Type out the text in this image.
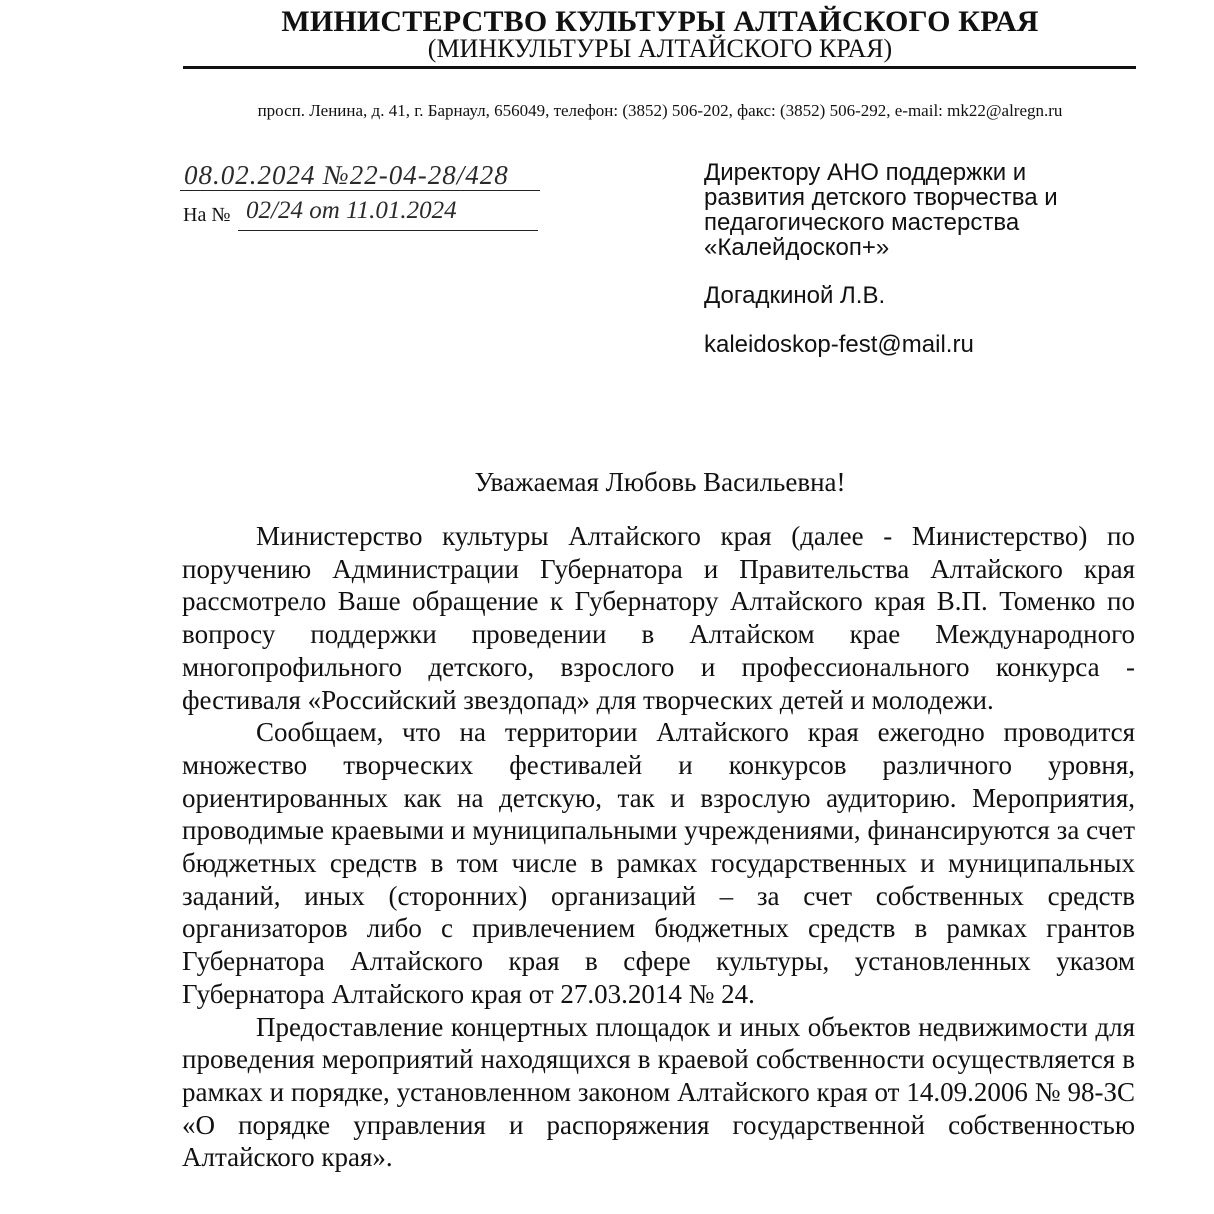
МИНИСТЕРСТВО КУЛЬТУРЫ АЛТАЙСКОГО КРАЯ
(МИНКУЛЬТУРЫ АЛТАЙСКОГО КРАЯ)
просп. Ленина, д. 41, г. Барнаул, 656049, телефон: (3852) 506-202, факс: (3852) 506-292, e-mail: mk22@alregn.ru
08.02.2024 №22-04-28/428
На № 02/24 от 11.01.2024
Директору АНО поддержки и
развития детского творчества и
педагогического мастерства
«Калейдоскоп+»
Догадкиной Л.В.
kaleidoskop-fest@mail.ru
Уважаемая Любовь Васильевна!

Министерство культуры Алтайского края (далее - Министерство) по поручению Администрации Губернатора и Правительства Алтайского края рассмотрело Ваше обращение к Губернатору Алтайского края В.П. Томенко по вопросу поддержки проведении в Алтайском крае Международного многопрофильного детского, взрослого и профессионального конкурса - фестиваля «Российский звездопад» для творческих детей и молодежи.

Сообщаем, что на территории Алтайского края ежегодно проводится множество творческих фестивалей и конкурсов различного уровня, ориентированных как на детскую, так и взрослую аудиторию. Мероприятия, проводимые краевыми и муниципальными учреждениями, финансируются за счет бюджетных средств в том числе в рамках государственных и муниципальных заданий, иных (сторонних) организаций – за счет собственных средств организаторов либо с привлечением бюджетных средств в рамках грантов Губернатора Алтайского края в сфере культуры, установленных указом Губернатора Алтайского края от 27.03.2014 № 24.

Предоставление концертных площадок и иных объектов недвижимости для проведения мероприятий находящихся в краевой собственности осуществляется в рамках и порядке, установленном законом Алтайского края от 14.09.2006 № 98-ЗС «О порядке управления и распоряжения государственной собственностью Алтайского края».
